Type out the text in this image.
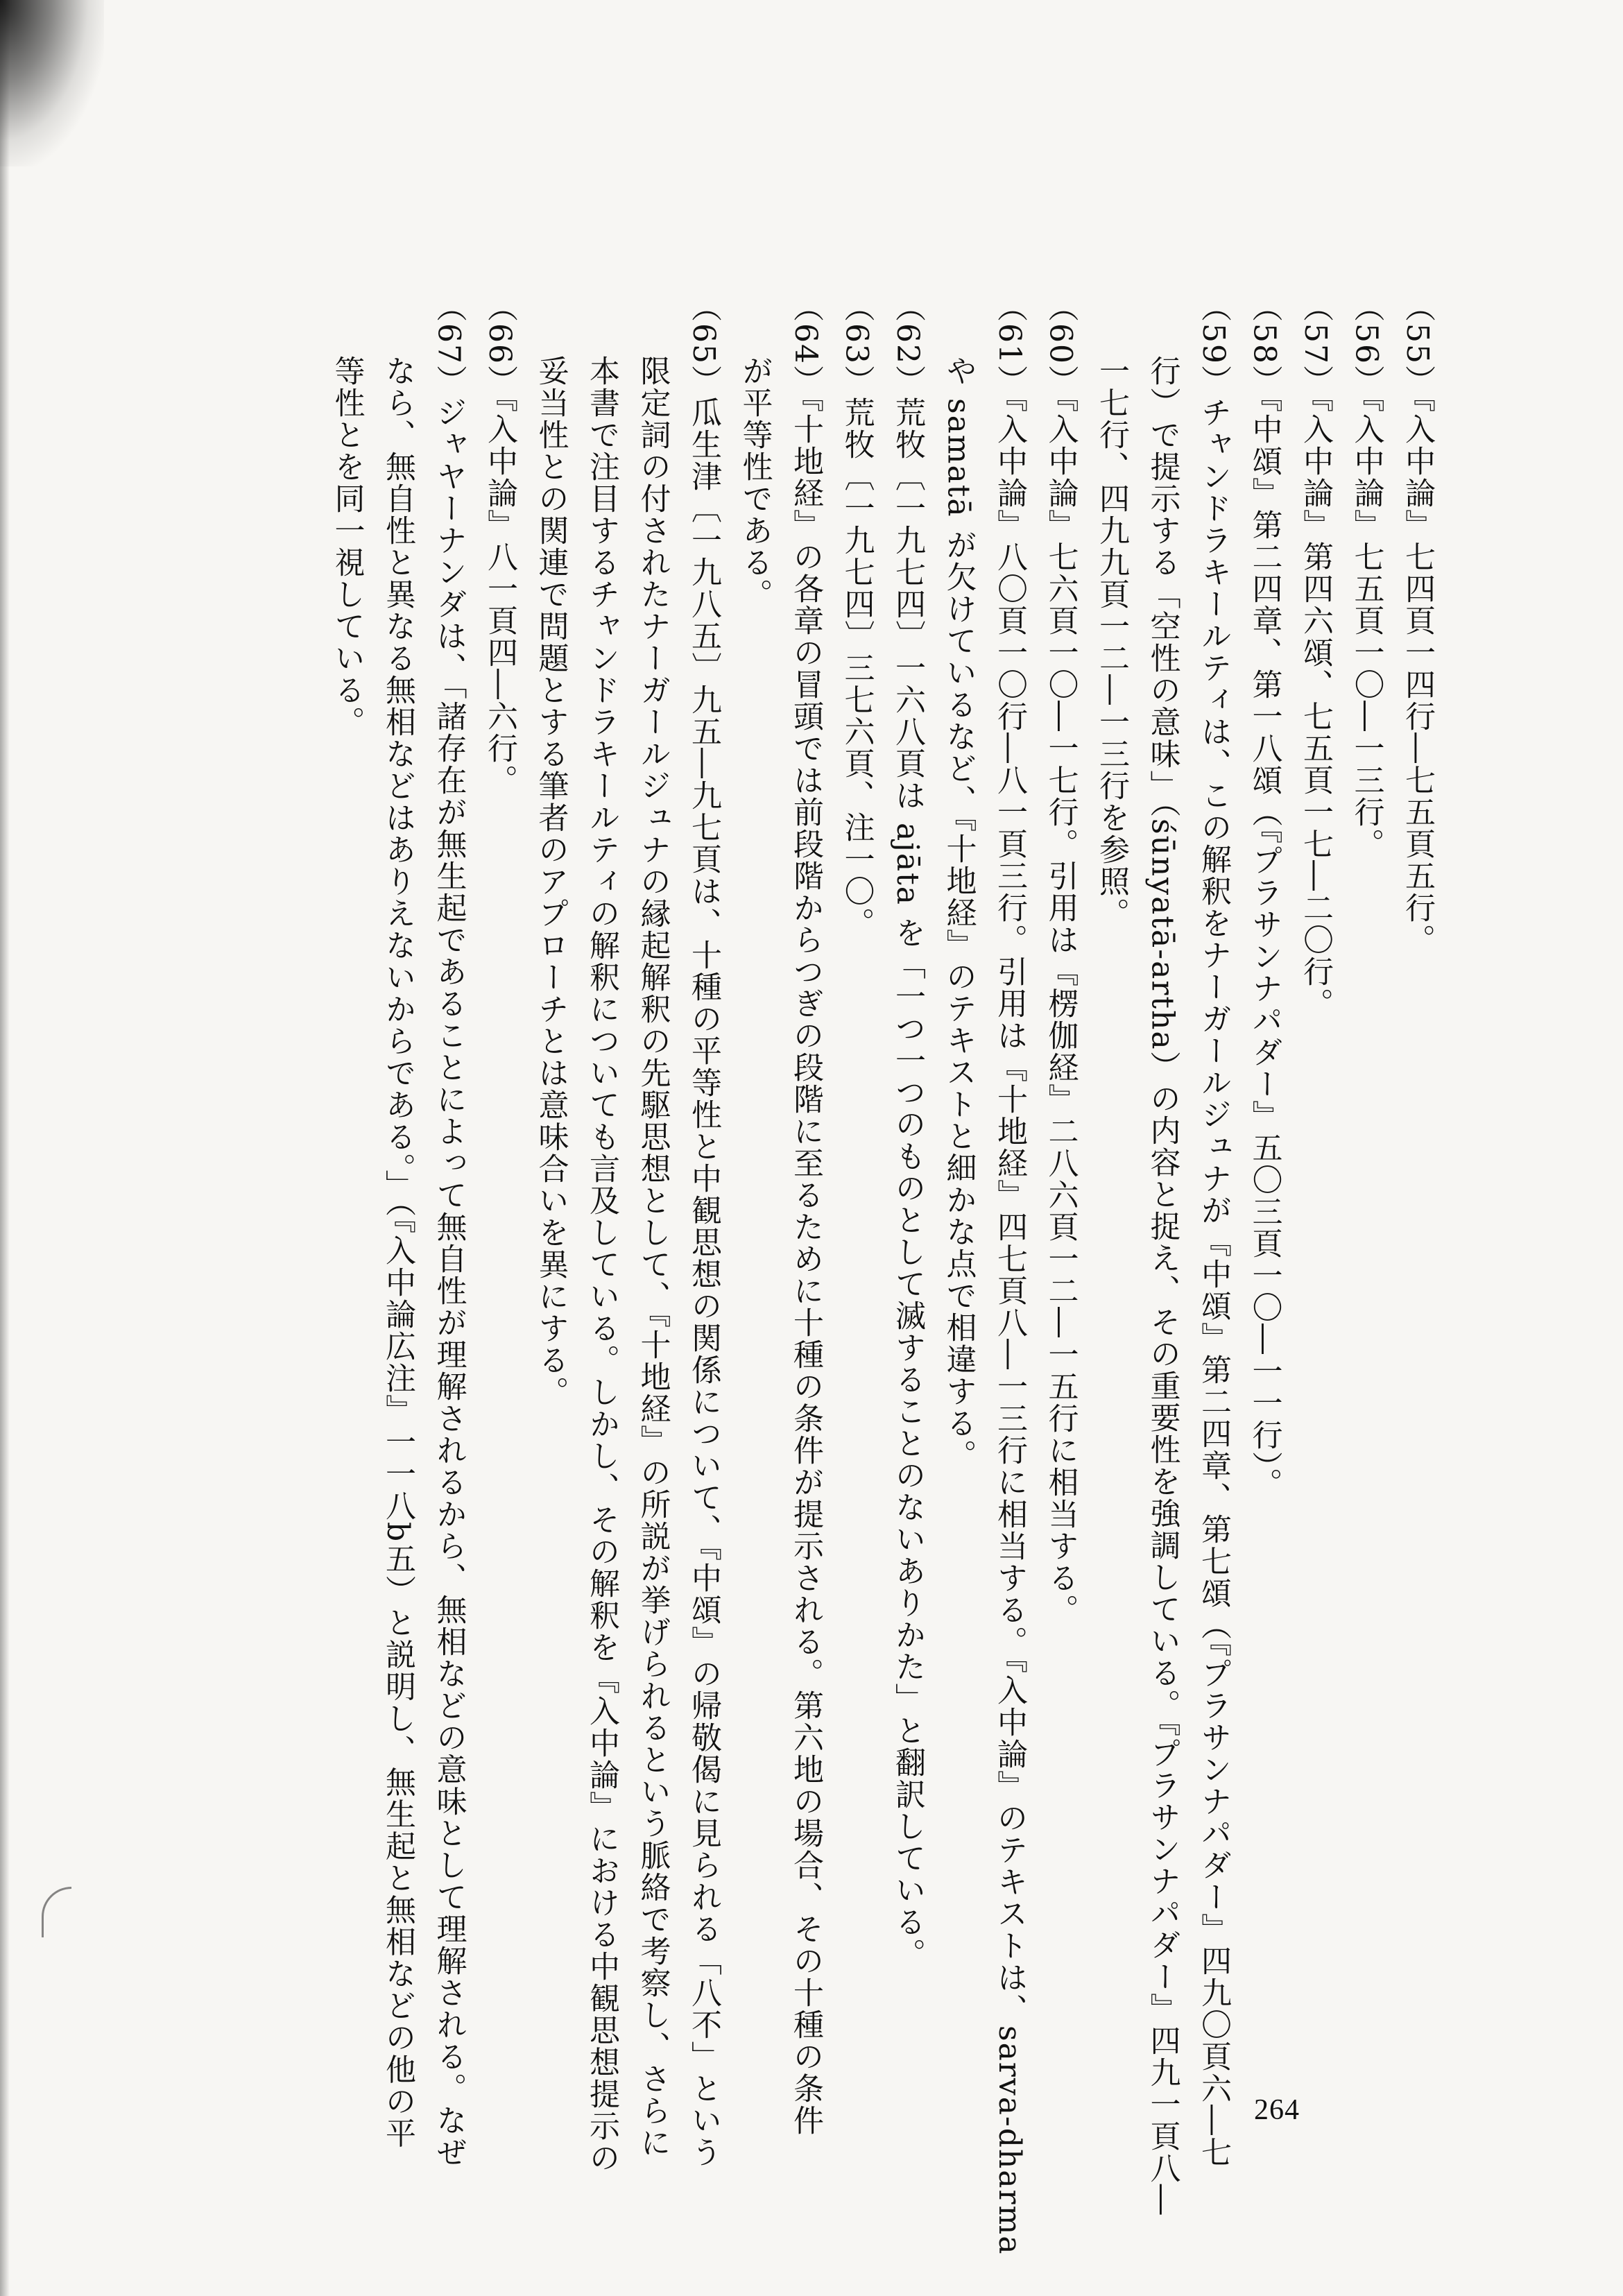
（55）『入中論』七四頁一四行―七五頁五行。

（56）『入中論』七五頁一〇―一三行。

（57）『入中論』第四六頌、七五頁一七―二〇行。

（58）『中頌』第二四章、第一八頌（『プラサンナパダー』五〇三頁一〇―一一行）。

（59）チャンドラキールティは、この解釈をナーガールジュナが『中頌』第二四章、第七頌（『プラサンナパダー』四九〇頁六―七

　　行）で提示する「空性の意味」（śūnyatā-artha）の内容と捉え、その重要性を強調している。『プラサンナパダー』四九一頁八―

　　一七行、四九九頁一二―一三行を参照。

（60）『入中論』七六頁一〇―一七行。引用は『楞伽経』二八六頁一二―一五行に相当する。

（61）『入中論』八〇頁一〇行―八一頁三行。引用は『十地経』四七頁八―一三行に相当する。『入中論』のテキストは、sarva-dharma

　　や samatā が欠けているなど、『十地経』のテキストと細かな点で相違する。

（62）荒牧〔一九七四〕一六八頁は ajāta を「一つ一つのものとして滅することのないありかた」と翻訳している。

（63）荒牧〔一九七四〕三七六頁、注一〇。

（64）『十地経』の各章の冒頭では前段階からつぎの段階に至るために十種の条件が提示される。第六地の場合、その十種の条件

　　が平等性である。

（65）瓜生津〔一九八五〕九五―九七頁は、十種の平等性と中観思想の関係について、『中頌』の帰敬偈に見られる「八不」という

　　限定詞の付されたナーガールジュナの縁起解釈の先駆思想として、『十地経』の所説が挙げられるという脈絡で考察し、さらに

　　本書で注目するチャンドラキールティの解釈についても言及している。しかし、その解釈を『入中論』における中観思想提示の

　　妥当性との関連で問題とする筆者のアプローチとは意味合いを異にする。

（66）『入中論』八一頁四―六行。

（67）ジャヤーナンダは、「諸存在が無生起であることによって無自性が理解されるから、無相などの意味として理解される。なぜ

　　なら、無自性と異なる無相などはありえないからである。」（『入中論広注』一一八b五）と説明し、無生起と無相などの他の平

　　等性とを同一視している。

264
